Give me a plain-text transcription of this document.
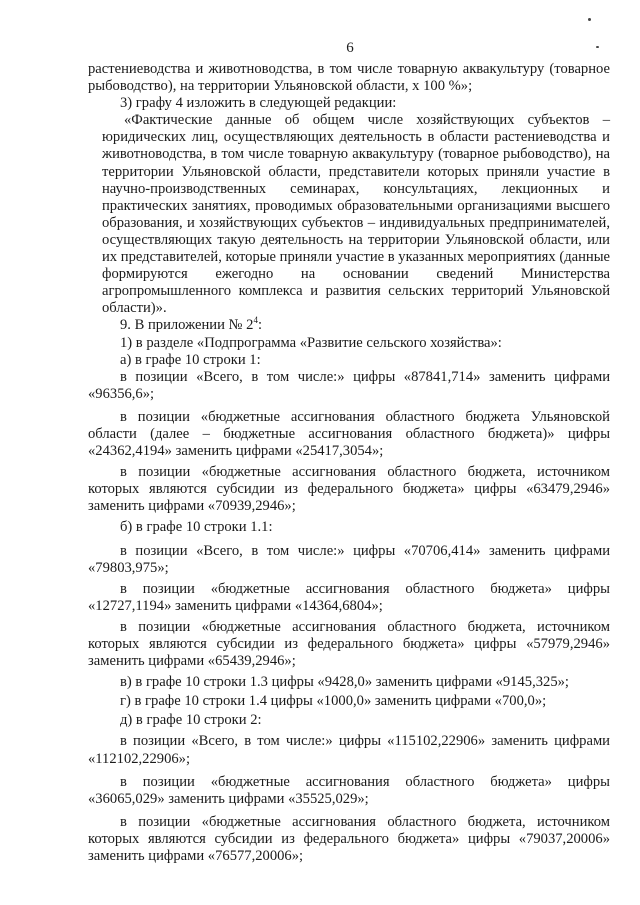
6

растениеводства и животноводства, в том числе товарную аквакультуру (товарное рыбоводство), на территории Ульяновской области, х 100 %»;

3) графу 4 изложить в следующей редакции:

«Фактические данные об общем числе хозяйствующих субъектов – юридических лиц, осуществляющих деятельность в области растениеводства и животноводства, в том числе товарную аквакультуру (товарное рыбоводство), на территории Ульяновской области, представители которых приняли участие в научно-производственных семинарах, консультациях, лекционных и практических занятиях, проводимых образовательными организациями высшего образования, и хозяйствующих субъектов – индивидуальных предпринимателей, осуществляющих такую деятельность на территории Ульяновской области, или их представителей, которые приняли участие в указанных мероприятиях (данные формируются ежегодно на основании сведений Министерства агропромышленного комплекса и развития сельских территорий Ульяновской области)».

9. В приложении № $2^4$:

1) в разделе «Подпрограмма «Развитие сельского хозяйства»:

а) в графе 10 строки 1:

в позиции «Всего, в том числе:» цифры «87841,714» заменить цифрами «96356,6»;

в позиции «бюджетные ассигнования областного бюджета Ульяновской области (далее – бюджетные ассигнования областного бюджета)» цифры «24362,4194» заменить цифрами «25417,3054»;

в позиции «бюджетные ассигнования областного бюджета, источником которых являются субсидии из федерального бюджета» цифры «63479,2946» заменить цифрами «70939,2946»;

б) в графе 10 строки 1.1:

в позиции «Всего, в том числе:» цифры «70706,414» заменить цифрами «79803,975»;

в позиции «бюджетные ассигнования областного бюджета» цифры «12727,1194» заменить цифрами «14364,6804»;

в позиции «бюджетные ассигнования областного бюджета, источником которых являются субсидии из федерального бюджета» цифры «57979,2946» заменить цифрами «65439,2946»;

в) в графе 10 строки 1.3 цифры «9428,0» заменить цифрами «9145,325»;

г) в графе 10 строки 1.4 цифры «1000,0» заменить цифрами «700,0»;

д) в графе 10 строки 2:

в позиции «Всего, в том числе:» цифры «115102,22906» заменить цифрами «112102,22906»;

в позиции «бюджетные ассигнования областного бюджета» цифры «36065,029» заменить цифрами «35525,029»;

в позиции «бюджетные ассигнования областного бюджета, источником которых являются субсидии из федерального бюджета» цифры «79037,20006» заменить цифрами «76577,20006»;
